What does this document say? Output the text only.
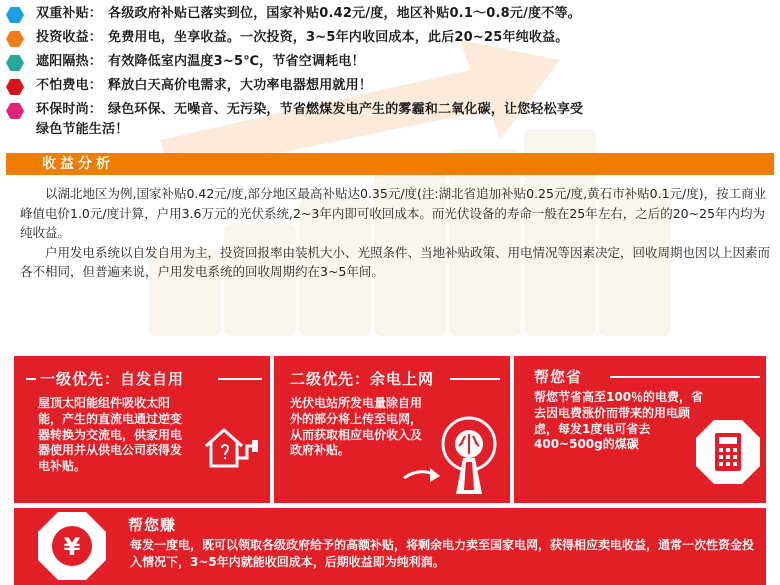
双重补贴： 各级政府补贴已落实到位，国家补贴0.42元/度，地区补贴0.1～0.8元/度不等。
投资收益： 免费用电，坐享收益。一次投资，3~5年内收回成本，此后20~25年纯收益。
遮阳隔热： 有效降低室内温度3~5℃，节省空调耗电！
不怕费电： 释放白天高价电需求，大功率电器想用就用！
环保时尚： 绿色环保、无噪音、无污染，节省燃煤发电产生的雾霾和二氧化碳，让您轻松享受
绿色节能生活！
收益分析

以湖北地区为例,国家补贴0.42元/度,部分地区最高补贴达0.35元/度(注:湖北省追加补贴0.25元/度,黄石市补贴0.1元/度)，按工商业峰值电价1.0元/度计算，户用3.6万元的光伏系统,2~3年内即可收回成本。而光伏设备的寿命一般在25年左右，之后的20~25年内均为纯收益。

户用发电系统以自发自用为主，投资回报率由装机大小、光照条件、当地补贴政策、用电情况等因素决定，回收周期也因以上因素而各不相同，但普遍来说，户用发电系统的回收周期约在3~5年间。

一级优先：自发自用
屋顶太阳能组件吸收太阳能，产生的直流电通过逆变器转换为交流电，供家用电器使用并从供电公司获得发电补贴。
二级优先：余电上网
光伏电站所发电量除自用外的部分将上传至电网，从而获取相应电价收入及政府补贴。
帮您省
帮您节省高至100％的电费，省去因电费涨价而带来的用电顾虑，每发1度电可省去400~500g的煤碳
¥
帮您赚
每发一度电，既可以领取各级政府给予的高额补贴，将剩余电力卖至国家电网，获得相应卖电收益，通常一次性资金投入情况下，3~5年内就能收回成本，后期收益即为纯利润。
